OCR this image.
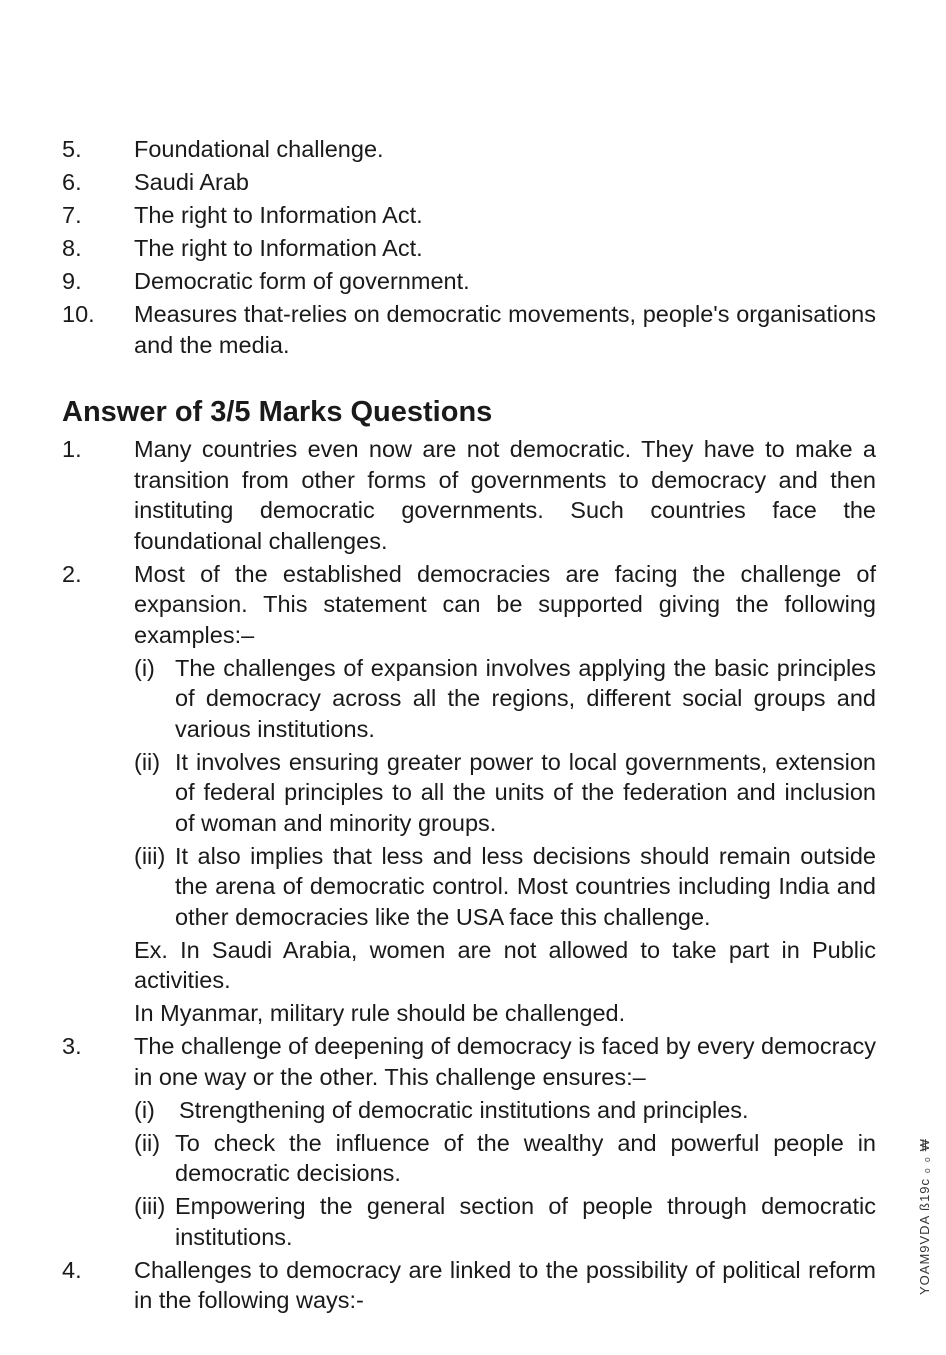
5.	Foundational challenge.
6.	Saudi Arab
7.	The right to Information Act.
8.	The right to Information Act.
9.	Democratic form of government.
10.	Measures that-relies on democratic movements, people's organisations and the media.
Answer of 3/5 Marks Questions
1.	Many countries even now are not democratic. They have to make a transition from other forms of governments to democracy and then instituting democratic governments. Such countries face the foundational challenges.
2.	Most of the established democracies are facing the challenge of expansion. This statement can be supported giving the following examples:–
(i) The challenges of expansion involves applying the basic principles of democracy across all the regions, different social groups and various institutions.
(ii) It involves ensuring greater power to local governments, extension of federal principles to all the units of the federation and inclusion of woman and minority groups.
(iii) It also implies that less and less decisions should remain outside the arena of democratic control. Most countries including India and other democracies like the USA face this challenge.
Ex. In Saudi Arabia, women are not allowed to take part in Public activities.
In Myanmar, military rule should be challenged.
3.	The challenge of deepening of democracy is faced by every democracy in one way or the other. This challenge ensures:–
(i)	Strengthening of democratic institutions and principles.
(ii) To check the influence of the wealthy and powerful people in democratic decisions.
(iii) Empowering the general section of people through democratic institutions.
4.	Challenges to democracy are linked to the possibility of political reform in the following ways:-
YOAM9VDA ß19c ₀ ₀ ₩
